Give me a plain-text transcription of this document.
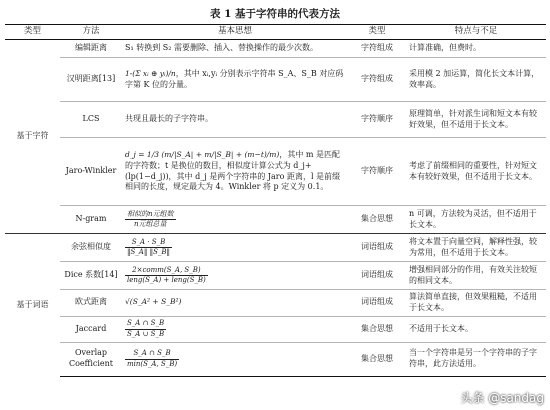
表 1 基于字符串的代表方法
类型	方法	基本思想	类型	特点与不足
基于字符	编辑距离	S₁ 转换到 S₂ 需要删除、插入、替换操作的最少次数。	字符组成	计算准确，但费时。
	汉明距离[13]	1-(Σ xᵢ ⊕ yᵢ)/n，其中 xᵢ,yᵢ 分别表示字符串 S_A、S_B 对应码字第 K 位的分量。	字符组成	采用模 2 加运算，简化长文本计算，效率高。
	LCS	共现且最长的子字符串。	字符顺序	原理简单，针对派生词和短文本有较好效果，但不适用于长文本。
	Jaro-Winkler	d_j = 1/3 (m/|S_A| + m/|S_B| + (m−t)/m)，其中 m 是匹配的字符数；t 是换位的数目，相似度计算公式为 d_j+(lp(1−d_j))，其中 d_j 是两个字符串的 Jaro 距离，l 是前缀相同的长度，规定最大为 4。Winkler 将 p 定义为 0.1。	字符顺序	考虑了前缀相同的重要性，针对短文本有较好效果，但不适用于长文本。
	N-gram	$\frac{\text{相似的n元组数}}{\text{n元组总量}}$	集合思想	n 可调，方法较为灵活，但不适用于长文本。
基于词语	余弦相似度	$\frac{S\_A \cdot S\_B}{‖S\_A‖ ‖S\_B‖}$	词语组成	将文本置于向量空间，解释性强，较为常用，但不适用于长文本。
	Dice 系数[14]	$\frac{\text{2×comm(S\_A, S\_B)}}{\text{leng(S\_A) + leng(S\_B)}}$	词语组成	增强相同部分的作用，有效关注较短的相同文本。
	欧式距离	√(S_A² + S_B²)	词语组成	算法简单直接，但效果粗糙，不适用于长文本。
	Jaccard	$\frac{S\_A \cap S\_B}{S\_A \cup S\_B}$	集合思想	不适用于长文本。
	Overlap Coefficient	$\frac{S\_A \cap S\_B}{\min(S\_A, S\_B)}$	集合思想	当一个字符串是另一个字符串的子字符串，此方法适用。
头条 @sandag
